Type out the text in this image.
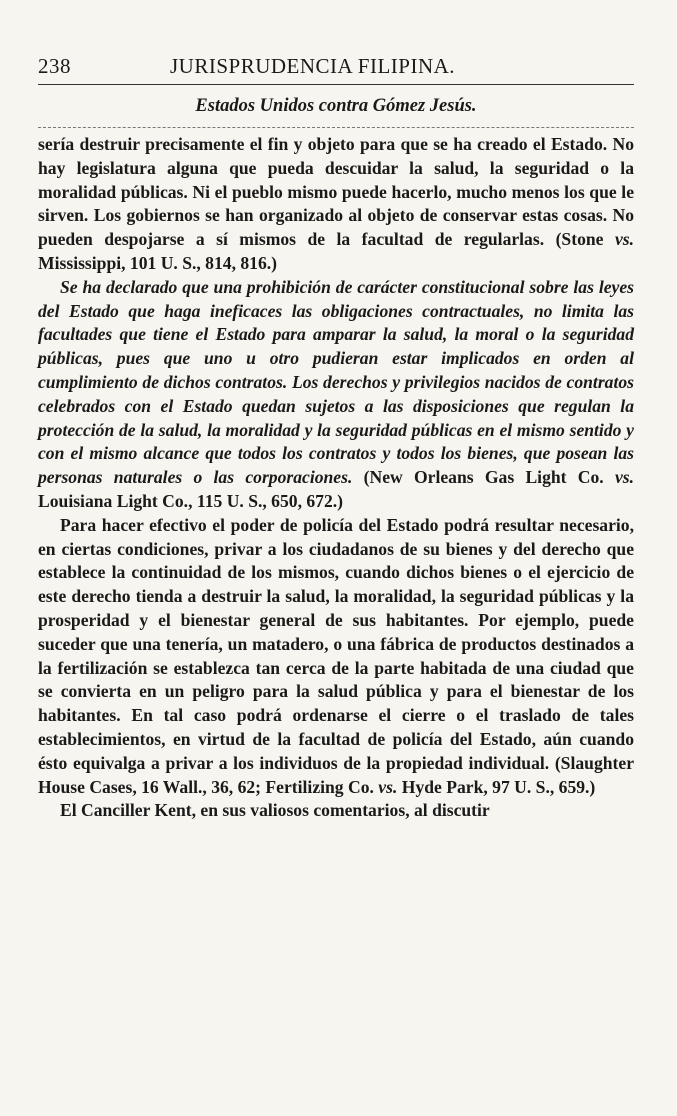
238	JURISPRUDENCIA FILIPINA.
Estados Unidos contra Gómez Jesús.

sería destruir precisamente el fin y objeto para que se ha creado el Estado. No hay legislatura alguna que pueda descuidar la salud, la seguridad o la moralidad públicas. Ni el pueblo mismo puede hacerlo, mucho menos los que le sirven. Los gobiernos se han organizado al objeto de conservar estas cosas. No pueden despojarse a sí mismos de la facultad de regularlas. (Stone vs. Mississippi, 101 U. S., 814, 816.)

Se ha declarado que una prohibición de carácter constitucional sobre las leyes del Estado que haga ineficaces las obligaciones contractuales, no limita las facultades que tiene el Estado para amparar la salud, la moral o la seguridad públicas, pues que uno u otro pudieran estar implicados en orden al cumplimiento de dichos contratos. Los derechos y privilegios nacidos de contratos celebrados con el Estado quedan sujetos a las disposiciones que regulan la protección de la salud, la moralidad y la seguridad públicas en el mismo sentido y con el mismo alcance que todos los contratos y todos los bienes, que posean las personas naturales o las corporaciones. (New Orleans Gas Light Co. vs. Louisiana Light Co., 115 U. S., 650, 672.)

Para hacer efectivo el poder de policía del Estado podrá resultar necesario, en ciertas condiciones, privar a los ciudadanos de su bienes y del derecho que establece la continuidad de los mismos, cuando dichos bienes o el ejercicio de este derecho tienda a destruir la salud, la moralidad, la seguridad públicas y la prosperidad y el bienestar general de sus habitantes. Por ejemplo, puede suceder que una tenería, un matadero, o una fábrica de productos destinados a la fertilización se establezca tan cerca de la parte habitada de una ciudad que se convierta en un peligro para la salud pública y para el bienestar de los habitantes. En tal caso podrá ordenarse el cierre o el traslado de tales establecimientos, en virtud de la facultad de policía del Estado, aún cuando ésto equivalga a privar a los individuos de la propiedad individual. (Slaughter House Cases, 16 Wall., 36, 62; Fertilizing Co. vs. Hyde Park, 97 U. S., 659.)

El Canciller Kent, en sus valiosos comentarios, al discutir
